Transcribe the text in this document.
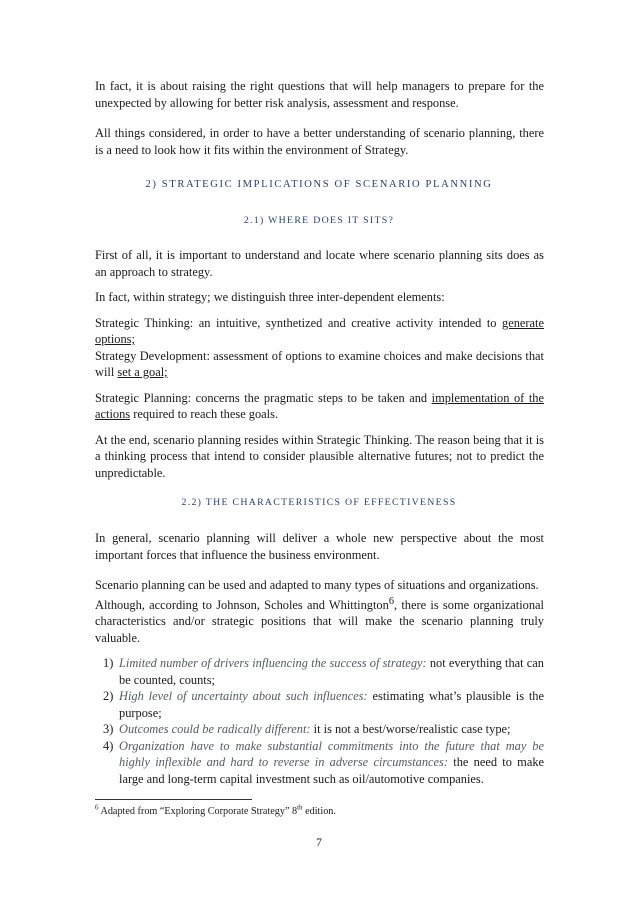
In fact, it is about raising the right questions that will help managers to prepare for the unexpected by allowing for better risk analysis, assessment and response.

All things considered, in order to have a better understanding of scenario planning, there is a need to look how it fits within the environment of Strategy.

2) STRATEGIC IMPLICATIONS OF SCENARIO PLANNING
2.1) WHERE DOES IT SITS?

First of all, it is important to understand and locate where scenario planning sits does as an approach to strategy.

In fact, within strategy; we distinguish three inter-dependent elements:

Strategic Thinking: an intuitive, synthetized and creative activity intended to generate options;

Strategy Development: assessment of options to examine choices and make decisions that will set a goal;

Strategic Planning: concerns the pragmatic steps to be taken and implementation of the actions required to reach these goals.

At the end, scenario planning resides within Strategic Thinking. The reason being that it is a thinking process that intend to consider plausible alternative futures; not to predict the unpredictable.

2.2) THE CHARACTERISTICS OF EFFECTIVENESS

In general, scenario planning will deliver a whole new perspective about the most important forces that influence the business environment.

Scenario planning can be used and adapted to many types of situations and organizations.

Although, according to Johnson, Scholes and Whittington$^6$, there is some organizational characteristics and/or strategic positions that will make the scenario planning truly valuable.

1) Limited number of drivers influencing the success of strategy: not everything that can be counted, counts;
2) High level of uncertainty about such influences: estimating what’s plausible is the purpose;
3) Outcomes could be radically different: it is not a best/worse/realistic case type;
4) Organization have to make substantial commitments into the future that may be highly inflexible and hard to reverse in adverse circumstances: the need to make large and long-term capital investment such as oil/automotive companies.
$^6$ Adapted from “Exploring Corporate Strategy” 8th edition.
7
